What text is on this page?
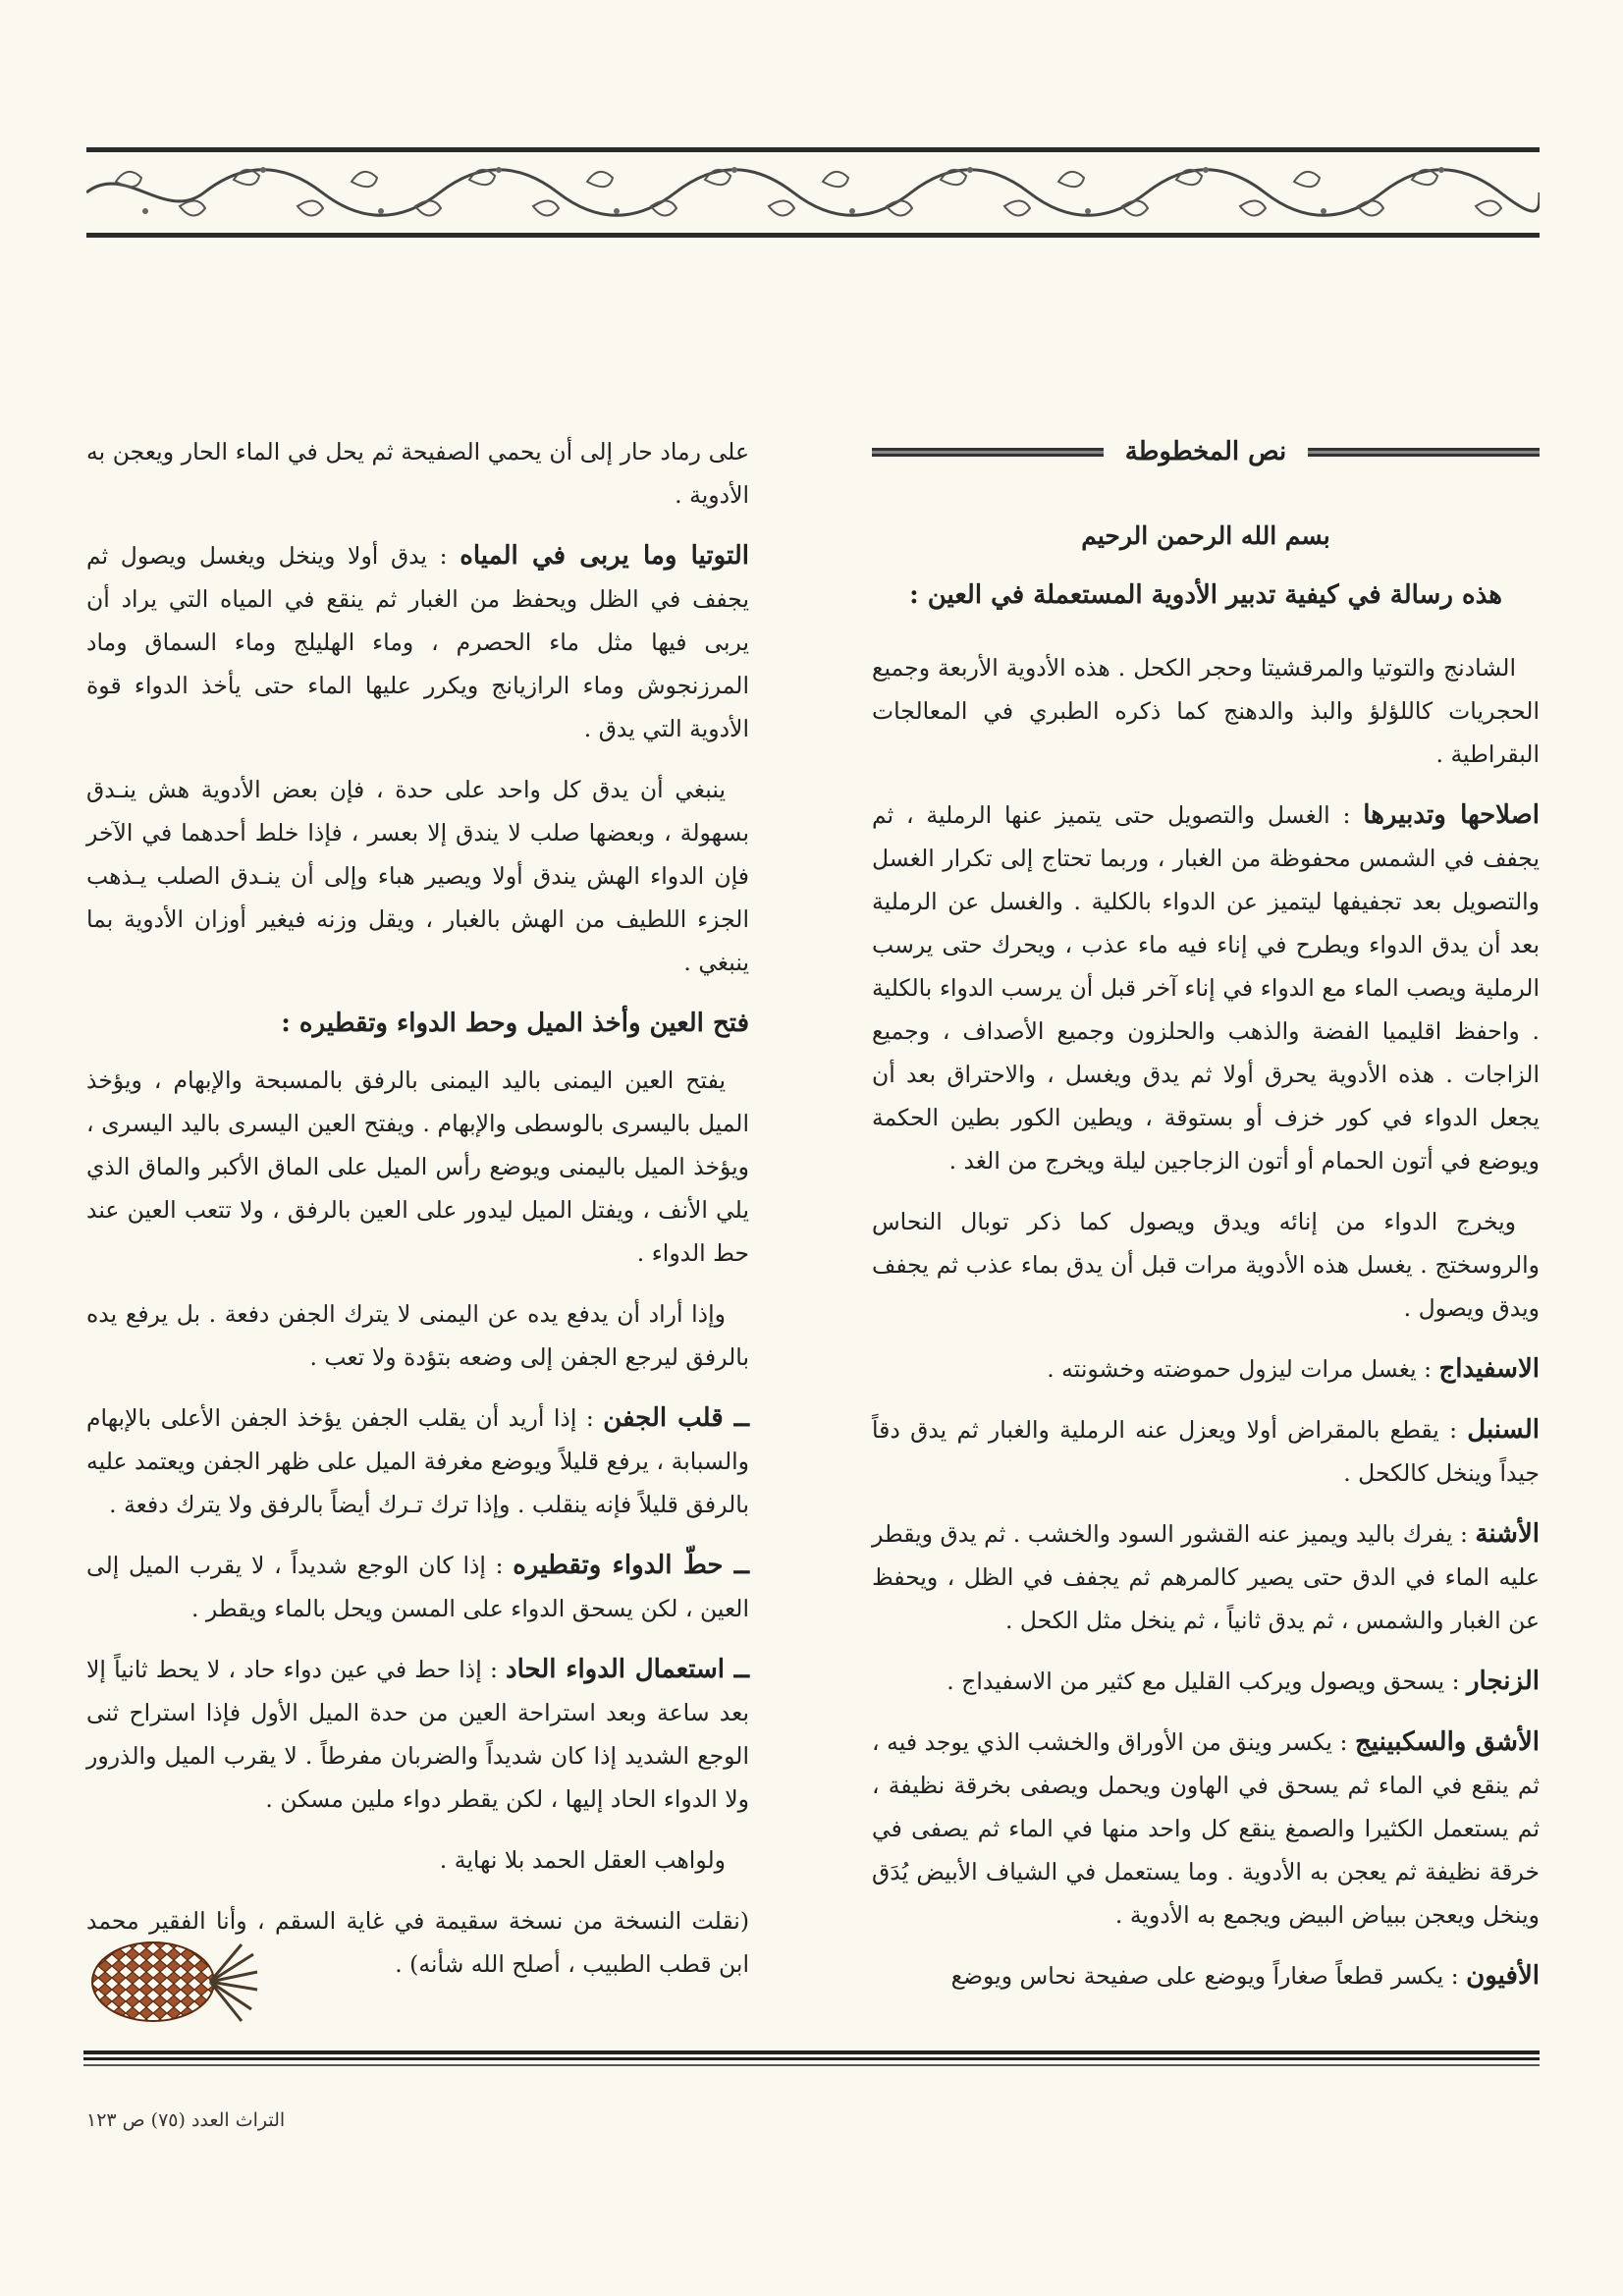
نص المخطوطة
بسم الله الرحمن الرحيم
هذه رسالة في كيفية تدبير الأدوية المستعملة في العين :

الشادنج والتوتيا والمرقشيتا وحجر الكحل . هذه الأدوية الأربعة وجميع الحجريات كاللؤلؤ والبذ والدهنج كما ذكره الطبري في المعالجات البقراطية .

اصلاحها وتدبيرها : الغسل والتصويل حتى يتميز عنها الرملية ، ثم يجفف في الشمس محفوظة من الغبار ، وربما تحتاج إلى تكرار الغسل والتصويل بعد تجفيفها ليتميز عن الدواء بالكلية . والغسل عن الرملية بعد أن يدق الدواء ويطرح في إناء فيه ماء عذب ، ويحرك حتى يرسب الرملية ويصب الماء مع الدواء في إناء آخر قبل أن يرسب الدواء بالكلية . واحفظ اقليميا الفضة والذهب والحلزون وجميع الأصداف ، وجميع الزاجات . هذه الأدوية يحرق أولا ثم يدق ويغسل ، والاحتراق بعد أن يجعل الدواء في كور خزف أو بستوقة ، ويطين الكور بطين الحكمة ويوضع في أتون الحمام أو أتون الزجاجين ليلة ويخرج من الغد .

ويخرج الدواء من إنائه ويدق ويصول كما ذكر توبال النحاس والروسختج . يغسل هذه الأدوية مرات قبل أن يدق بماء عذب ثم يجفف ويدق ويصول .

الاسفيداج : يغسل مرات ليزول حموضته وخشونته .

السنبل : يقطع بالمقراض أولا ويعزل عنه الرملية والغبار ثم يدق دقاً جيداً وينخل كالكحل .

الأشنة : يفرك باليد ويميز عنه القشور السود والخشب . ثم يدق ويقطر عليه الماء في الدق حتى يصير كالمرهم ثم يجفف في الظل ، ويحفظ عن الغبار والشمس ، ثم يدق ثانياً ، ثم ينخل مثل الكحل .

الزنجار : يسحق ويصول ويركب القليل مع كثير من الاسفيداج .

الأشق والسكبينيج : يكسر وينق من الأوراق والخشب الذي يوجد فيه ، ثم ينقع في الماء ثم يسحق في الهاون ويحمل ويصفى بخرقة نظيفة ، ثم يستعمل الكثيرا والصمغ ينقع كل واحد منها في الماء ثم يصفى في خرقة نظيفة ثم يعجن به الأدوية . وما يستعمل في الشياف الأبيض يُدَق وينخل ويعجن ببياض البيض ويجمع به الأدوية .

الأفيون : يكسر قطعاً صغاراً ويوضع على صفيحة نحاس ويوضع

على رماد حار إلى أن يحمي الصفيحة ثم يحل في الماء الحار ويعجن به الأدوية .

التوتيا وما يربى في المياه : يدق أولا وينخل ويغسل ويصول ثم يجفف في الظل ويحفظ من الغبار ثم ينقع في المياه التي يراد أن يربى فيها مثل ماء الحصرم ، وماء الهليلج وماء السماق وماد المرزنجوش وماء الرازيانج ويكرر عليها الماء حتى يأخذ الدواء قوة الأدوية التي يدق .

ينبغي أن يدق كل واحد على حدة ، فإن بعض الأدوية هش ينـدق بسهولة ، وبعضها صلب لا يندق إلا بعسر ، فإذا خلط أحدهما في الآخر فإن الدواء الهش يندق أولا ويصير هباء وإلى أن ينـدق الصلب يـذهب الجزء اللطيف من الهش بالغبار ، ويقل وزنه فيغير أوزان الأدوية بما ينبغي .

فتح العين وأخذ الميل وحط الدواء وتقطيره :

يفتح العين اليمنى باليد اليمنى بالرفق بالمسبحة والإبهام ، ويؤخذ الميل باليسرى بالوسطى والإبهام . ويفتح العين اليسرى باليد اليسرى ، ويؤخذ الميل باليمنى ويوضع رأس الميل على الماق الأكبر والماق الذي يلي الأنف ، ويفتل الميل ليدور على العين بالرفق ، ولا تتعب العين عند حط الدواء .

وإذا أراد أن يدفع يده عن اليمنى لا يترك الجفن دفعة . بل يرفع يده بالرفق ليرجع الجفن إلى وضعه بتؤدة ولا تعب .

ــ قلب الجفن : إذا أريد أن يقلب الجفن يؤخذ الجفن الأعلى بالإبهام والسبابة ، يرفع قليلاً ويوضع مغرفة الميل على ظهر الجفن ويعتمد عليه بالرفق قليلاً فإنه ينقلب . وإذا ترك تـرك أيضاً بالرفق ولا يترك دفعة .

ــ حطّ الدواء وتقطيره : إذا كان الوجع شديداً ، لا يقرب الميل إلى العين ، لكن يسحق الدواء على المسن ويحل بالماء ويقطر .

ــ استعمال الدواء الحاد : إذا حط في عين دواء حاد ، لا يحط ثانياً إلا بعد ساعة وبعد استراحة العين من حدة الميل الأول فإذا استراح ثنى الوجع الشديد إذا كان شديداً والضربان مفرطاً . لا يقرب الميل والذرور ولا الدواء الحاد إليها ، لكن يقطر دواء ملين مسكن .

ولواهب العقل الحمد بلا نهاية .

(نقلت النسخة من نسخة سقيمة في غاية السقم ، وأنا الفقير محمد ابن قطب الطبيب ، أصلح الله شأنه) .

التراث العدد (٧٥) ص ١٢٣
